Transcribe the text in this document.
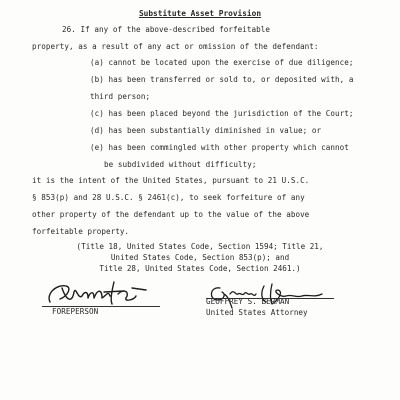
Substitute Asset Provision
26. If any of the above-described forfeitable
property, as a result of any act or omission of the defendant:
(a) cannot be located upon the exercise of due diligence;
(b) has been transferred or sold to, or deposited with, a
third person;
(c) has been placed beyond the jurisdiction of the Court;
(d) has been substantially diminished in value; or
(e) has been commingled with other property which cannot
be subdivided without difficulty;
it is the intent of the United States, pursuant to 21 U.S.C.
§ 853(p) and 28 U.S.C. § 2461(c), to seek forfeiture of any
other property of the defendant up to the value of the above
forfeitable property.
(Title 18, United States Code, Section 1594; Title 21,
United States Code, Section 853(p); and
Title 28, United States Code, Section 2461.)
FOREPERSON
GEOFFREY S. BERMAN
United States Attorney
